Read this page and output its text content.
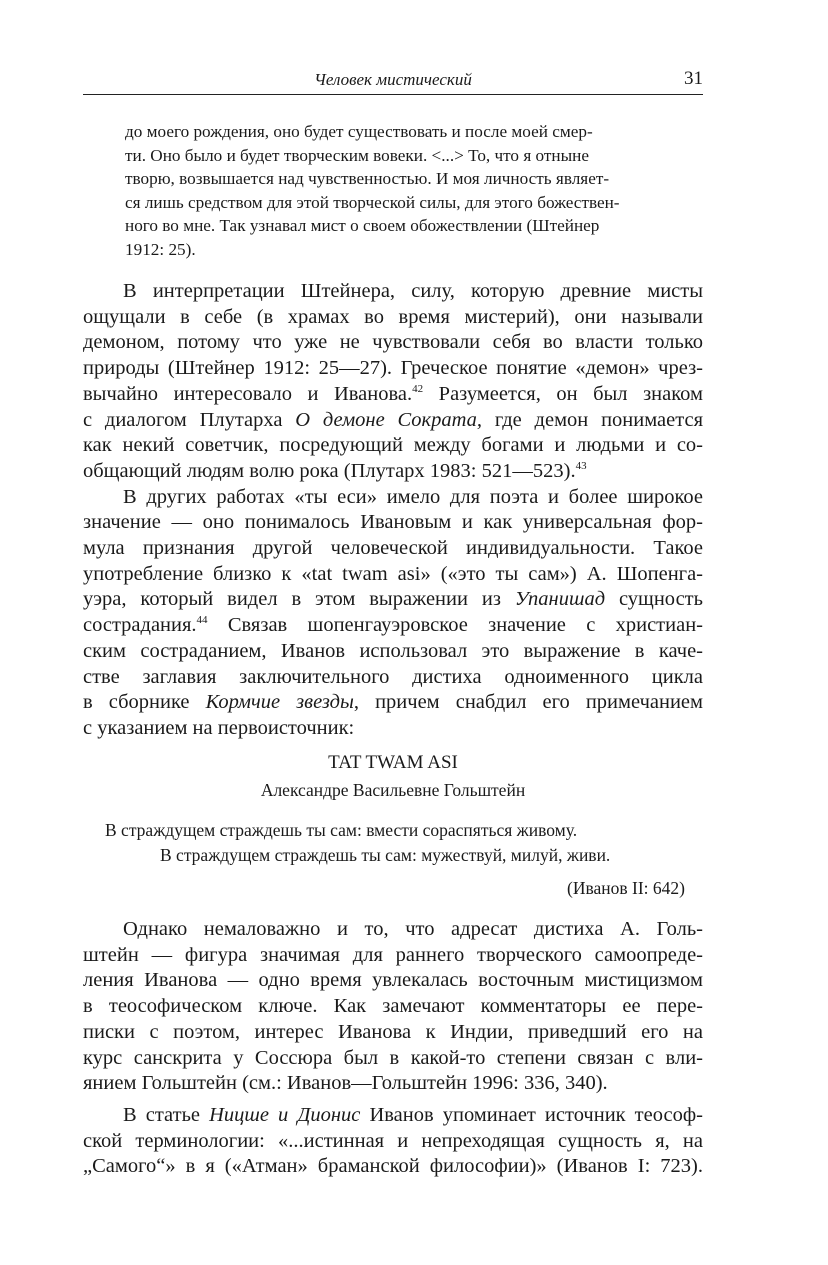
Человек мистический	31

до моего рождения, оно будет существовать и после моей смер-

ти. Оно было и будет творческим вовеки. <...> То, что я отныне

творю, возвышается над чувственностью. И моя личность являет-

ся лишь средством для этой творческой силы, для этого божествен-

ного во мне. Так узнавал мист о своем обожествлении (Штейнер

1912: 25).

В интерпретации Штейнера, силу, которую древние мисты
ощущали в себе (в храмах во время мистерий), они называли
демоном, потому что уже не чувствовали себя во власти только
природы (Штейнер 1912: 25—27). Греческое понятие «демон» чрез-
вычайно интересовало и Иванова.$^{42}$ Разумеется, он был знаком
с диалогом Плутарха О демоне Сократа, где демон понимается
как некий советчик, посредующий между богами и людьми и со-
общающий людям волю рока (Плутарх 1983: 521—523).$^{43}$
В других работах «ты еси» имело для поэта и более широкое
значение — оно понималось Ивановым и как универсальная фор-
мула признания другой человеческой индивидуальности. Такое
употребление близко к «tat twam asi» («это ты сам») А. Шопенга-
уэра, который видел в этом выражении из Упанишад сущность
сострадания.$^{44}$ Связав шопенгауэровское значение с христиан-
ским состраданием, Иванов использовал это выражение в каче-
стве заглавия заключительного дистиха одноименного цикла
в сборнике Кормчие звезды, причем снабдил его примечанием
с указанием на первоисточник:
TAT TWAM ASI
Александре Васильевне Гольштейн
В страждущем страждешь ты сам: вмести сораспяться живому.
В страждущем страждешь ты сам: мужествуй, милуй, живи.
(Иванов II: 642)
Однако немаловажно и то, что адресат дистиха А. Голь-
штейн — фигура значимая для раннего творческого самоопреде-
ления Иванова — одно время увлекалась восточным мистицизмом
в теософическом ключе. Как замечают комментаторы ее пере-
писки с поэтом, интерес Иванова к Индии, приведший его на
курс санскрита у Соссюра был в какой-то степени связан с вли-
янием Гольштейн (см.: Иванов—Гольштейн 1996: 336, 340).
В статье Ницше и Дионис Иванов упоминает источник теософ-
ской терминологии: «...истинная и непреходящая сущность я, на
„Самого“» в я («Атман» браманской философии)» (Иванов I: 723).
